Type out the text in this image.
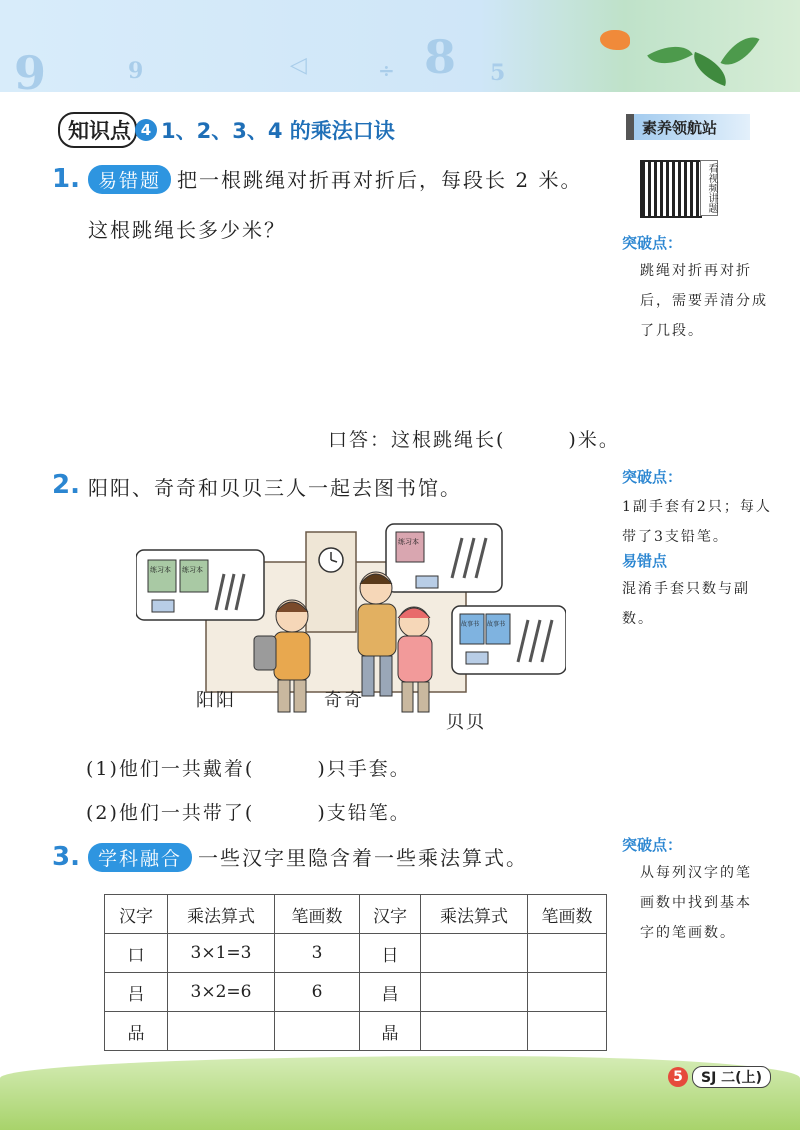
9	9	◁	÷ 8 5
知识点 4 1、2、3、4 的乘法口诀	素养领航站
看视频讲题
1. 易错题 把一根跳绳对折再对折后，每段长 2 米。
这根跳绳长多少米？
口答：这根跳绳长(　　　)米。
突破点：
跳绳对折再对折后，需要弄清分成了几段。
2. 阳阳、奇奇和贝贝三人一起去图书馆。	突破点：
1副手套有2只；每人带了3支铅笔。
易错点
混淆手套只数与副数。
练习本 练习本
练习本
故事书 故事书
阳阳	奇奇
贝贝
(1)他们一共戴着(　　　)只手套。
(2)他们一共带了(　　　)支铅笔。
3. 学科融合 一些汉字里隐含着一些乘法算式。
突破点：
从每列汉字的笔画数中找到基本字的笔画数。
汉字	乘法算式	笔画数	汉字	乘法算式	笔画数
口	3×1=3	3	日		
吕	3×2=6	6	昌		
品			晶		
5	SJ 二(上)
